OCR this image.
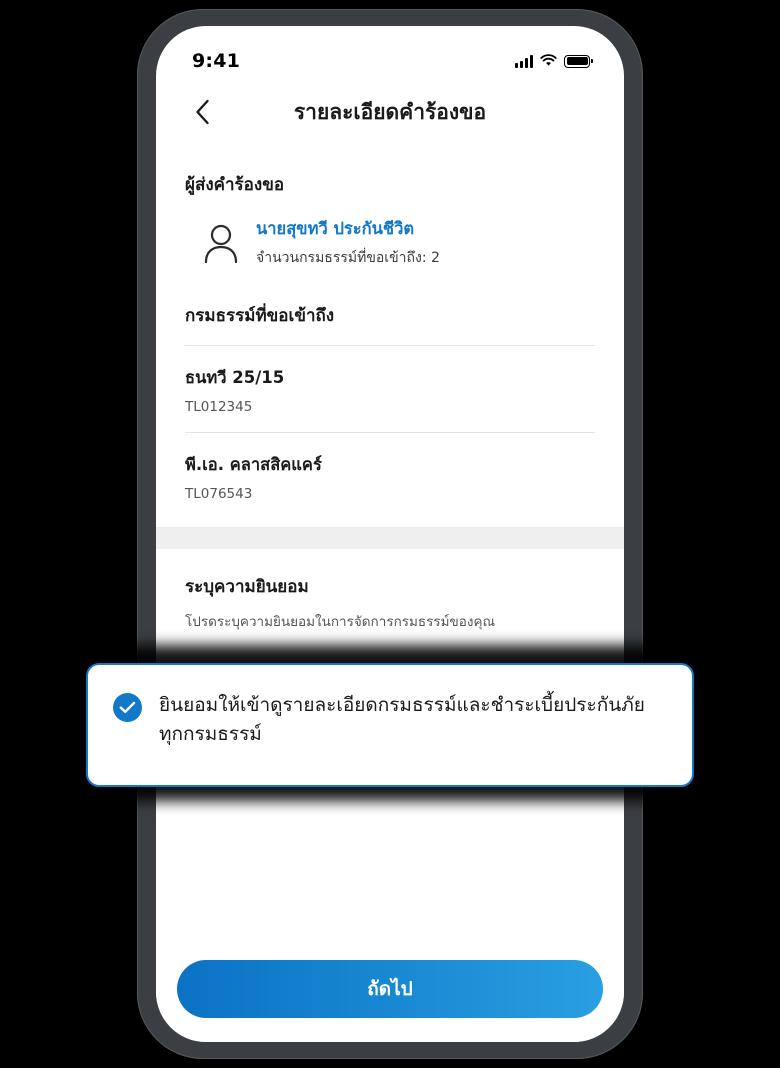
9:41
รายละเอียดคำร้องขอ
ผู้ส่งคำร้องขอ
นายสุขทวี ประกันชีวิต
จำนวนกรมธรรม์ที่ขอเข้าถึง: 2
กรมธรรม์ที่ขอเข้าถึง
ธนทวี 25/15
TL012345
พี.เอ. คลาสสิคแคร์
TL076543
ระบุความยินยอม
โปรดระบุความยินยอมในการจัดการกรมธรรม์ของคุณ
ถัดไป
ยินยอมให้เข้าดูรายละเอียดกรมธรรม์และชำระเบี้ยประกันภัยทุกกรมธรรม์
